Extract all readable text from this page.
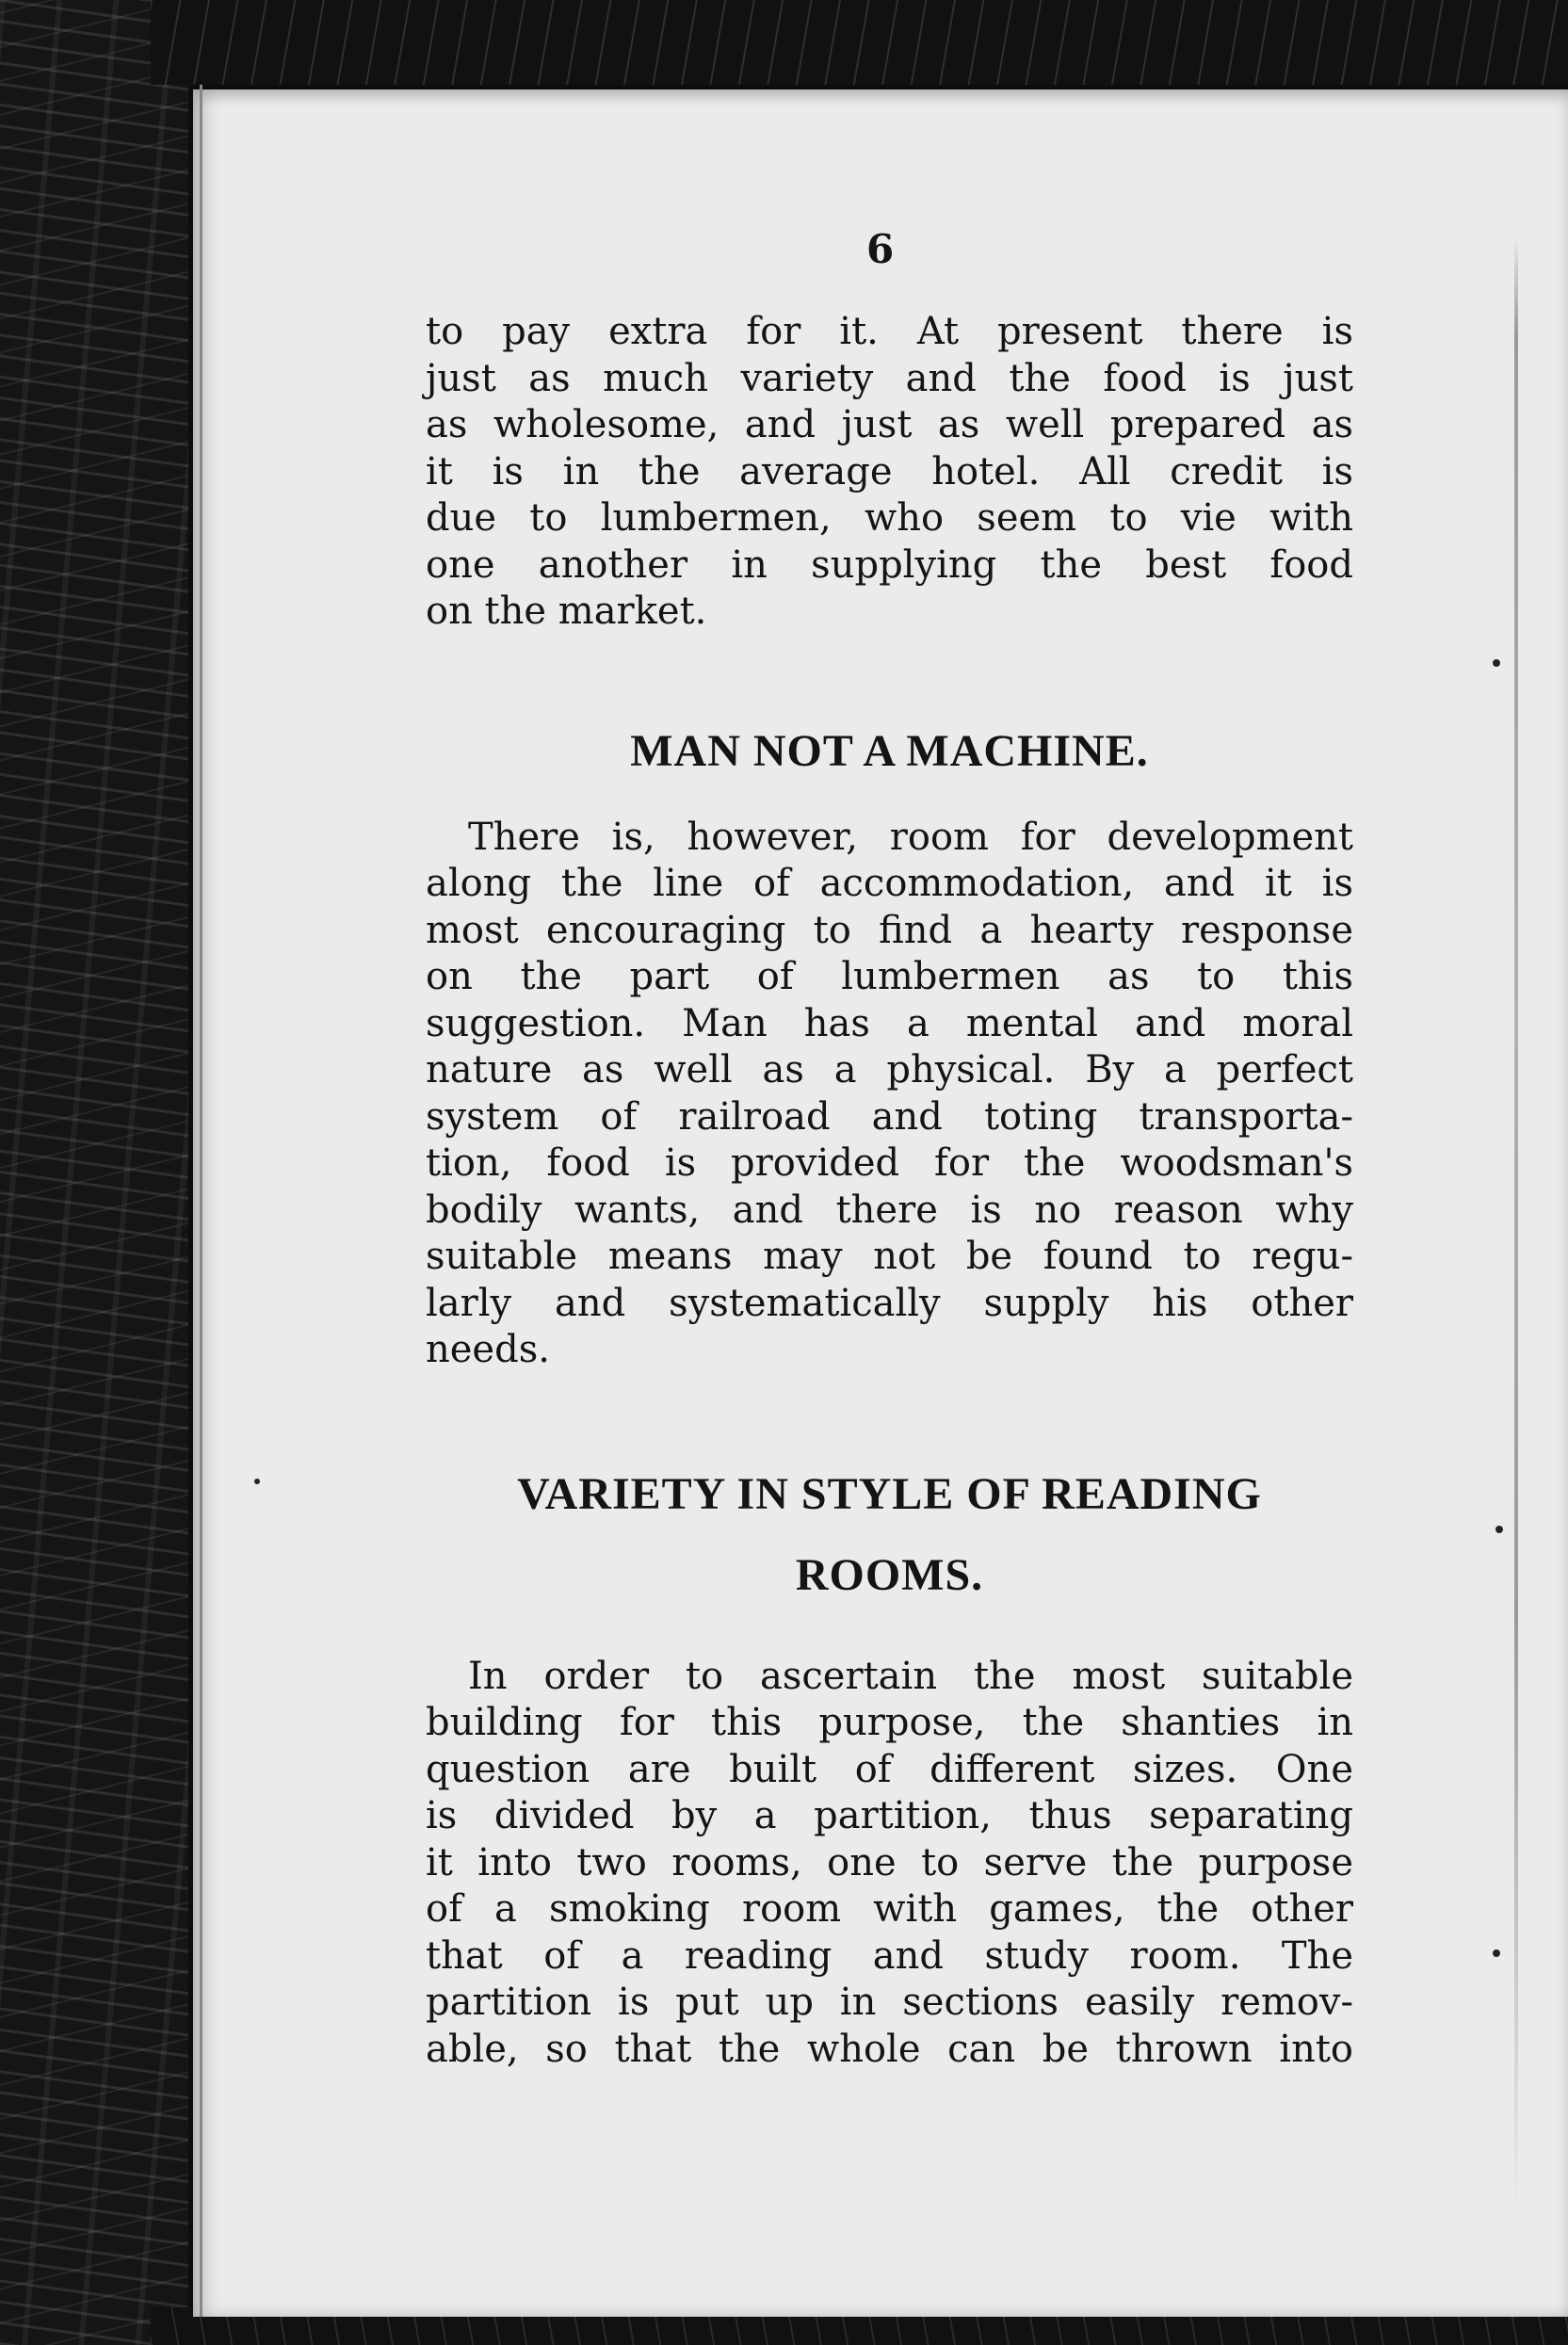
6

to pay extra for it. At present there is
just as much variety and the food is just
as wholesome, and just as well prepared as
it is in the average hotel. All credit is
due to lumbermen, who seem to vie with
one another in supplying the best food
on the market.

MAN NOT A MACHINE.

There is, however, room for development
along the line of accommodation, and it is
most encouraging to find a hearty response
on the part of lumbermen as to this
suggestion. Man has a mental and moral
nature as well as a physical. By a perfect
system of railroad and toting transporta-
tion, food is provided for the woodsman's
bodily wants, and there is no reason why
suitable means may not be found to regu-
larly and systematically supply his other
needs.

VARIETY IN STYLE OF READING
ROOMS.

In order to ascertain the most suitable
building for this purpose, the shanties in
question are built of different sizes. One
is divided by a partition, thus separating
it into two rooms, one to serve the purpose
of a smoking room with games, the other
that of a reading and study room. The
partition is put up in sections easily remov-
able, so that the whole can be thrown into
